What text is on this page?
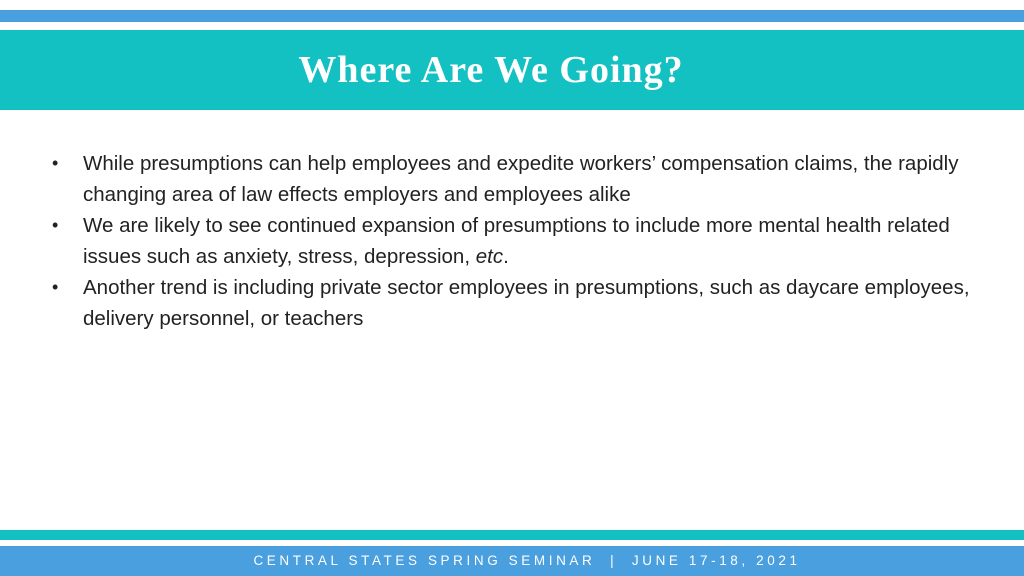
Where Are We Going?
•	While presumptions can help employees and expedite workers’ compensation claims, the rapidly changing area of law effects employers and employees alike
•	We are likely to see continued expansion of presumptions to include more mental health related issues such as anxiety, stress, depression, etc.
•	Another trend is including private sector employees in presumptions, such as daycare employees, delivery personnel, or teachers
CENTRAL STATES SPRING SEMINAR  |  JUNE 17-18, 2021
